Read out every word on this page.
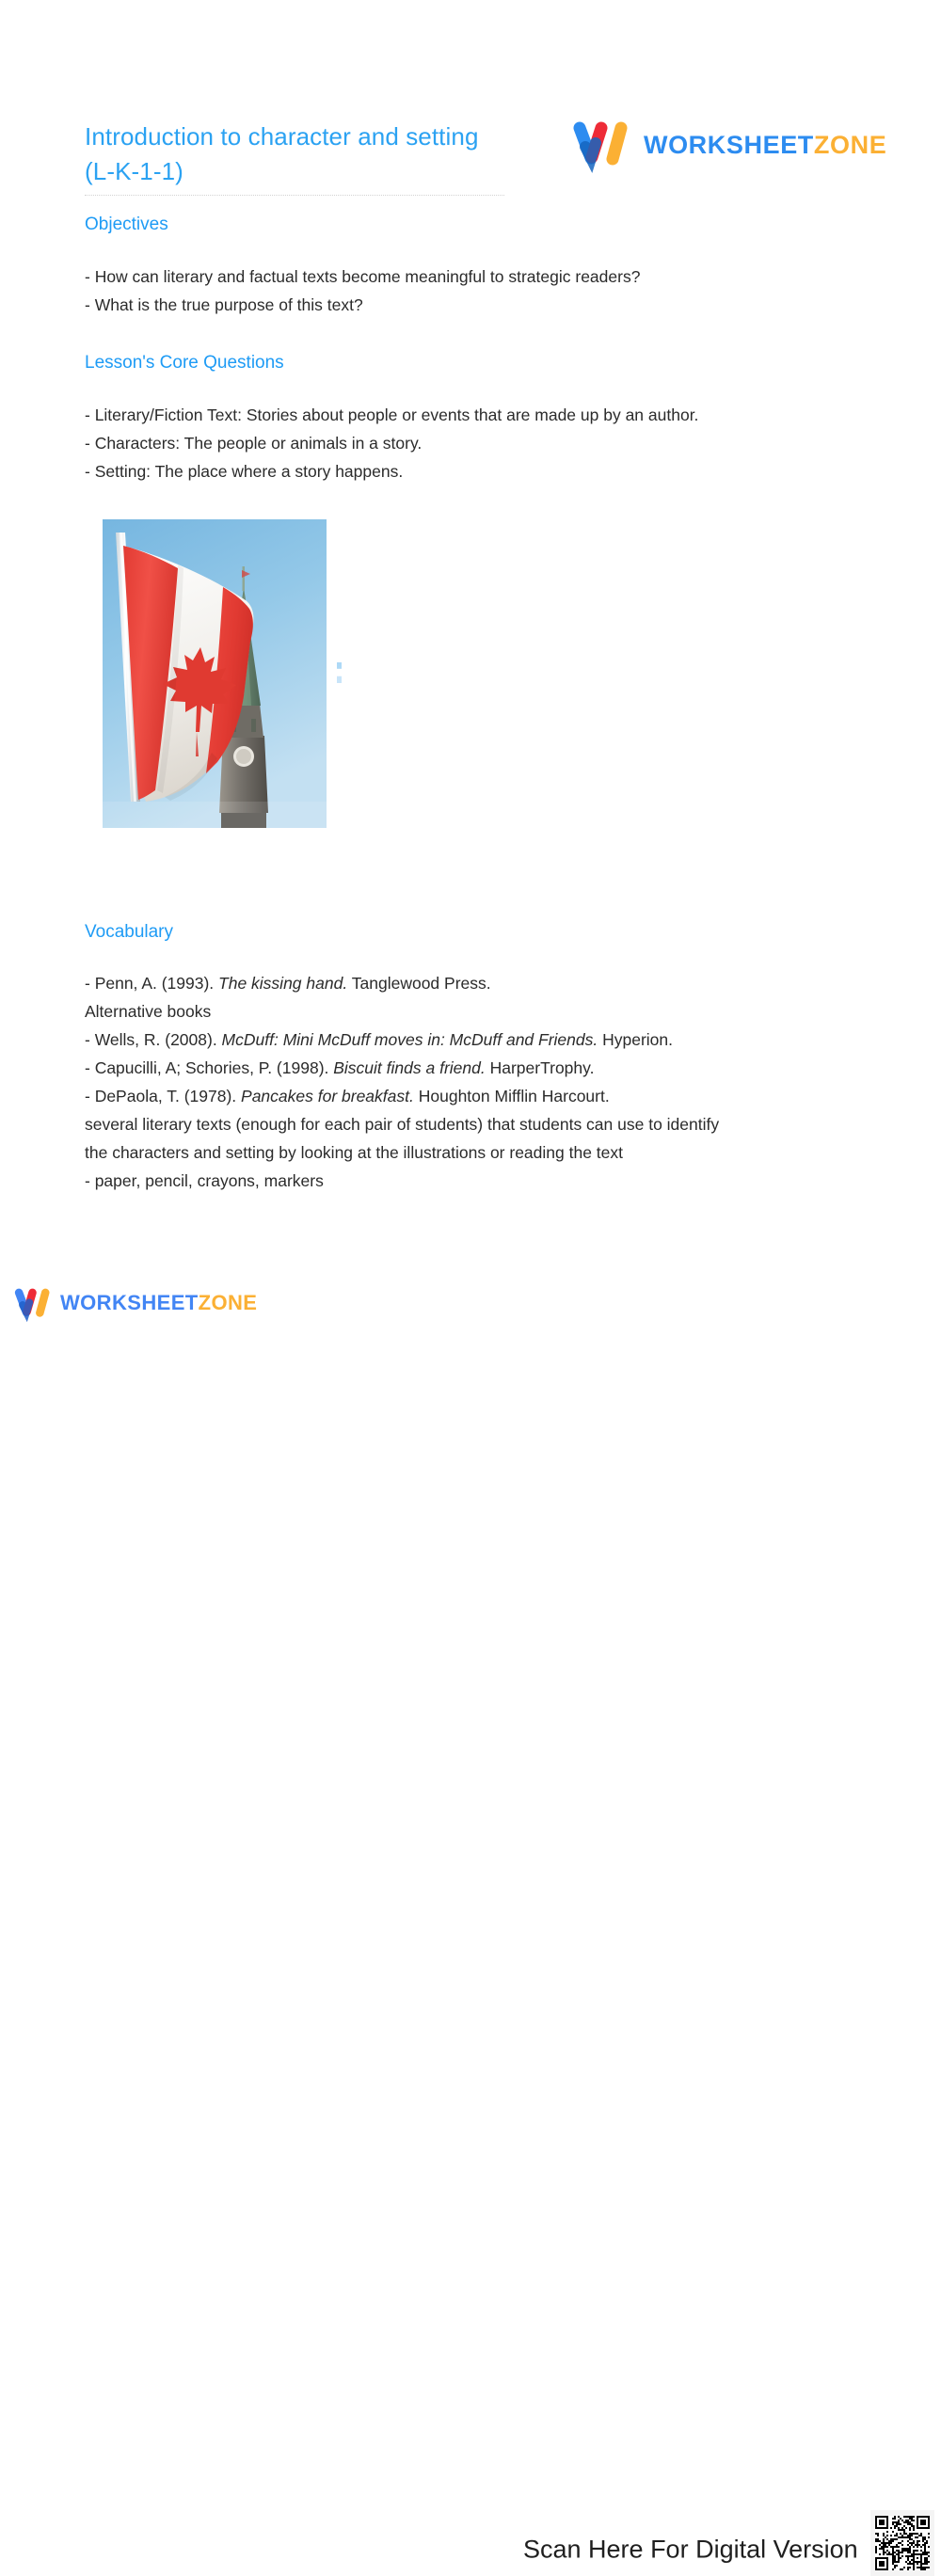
Introduction to character and setting (L-K-1-1)
WORKSHEETZONE
Objectives

- How can literary and factual texts become meaningful to strategic readers?

- What is the true purpose of this text?

Lesson's Core Questions

- Literary/Fiction Text: Stories about people or events that are made up by an author.

- Characters: The people or animals in a story.

- Setting: The place where a story happens.

Vocabulary

- Penn, A. (1993). The kissing hand. Tanglewood Press.

Alternative books

- Wells, R. (2008). McDuff: Mini McDuff moves in: McDuff and Friends. Hyperion.

- Capucilli, A; Schories, P. (1998). Biscuit finds a friend. HarperTrophy.

- DePaola, T. (1978). Pancakes for breakfast. Houghton Mifflin Harcourt.

several literary texts (enough for each pair of students) that students can use to identify

the characters and setting by looking at the illustrations or reading the text

- paper, pencil, crayons, markers

WORKSHEETZONE
Scan Here For Digital Version
